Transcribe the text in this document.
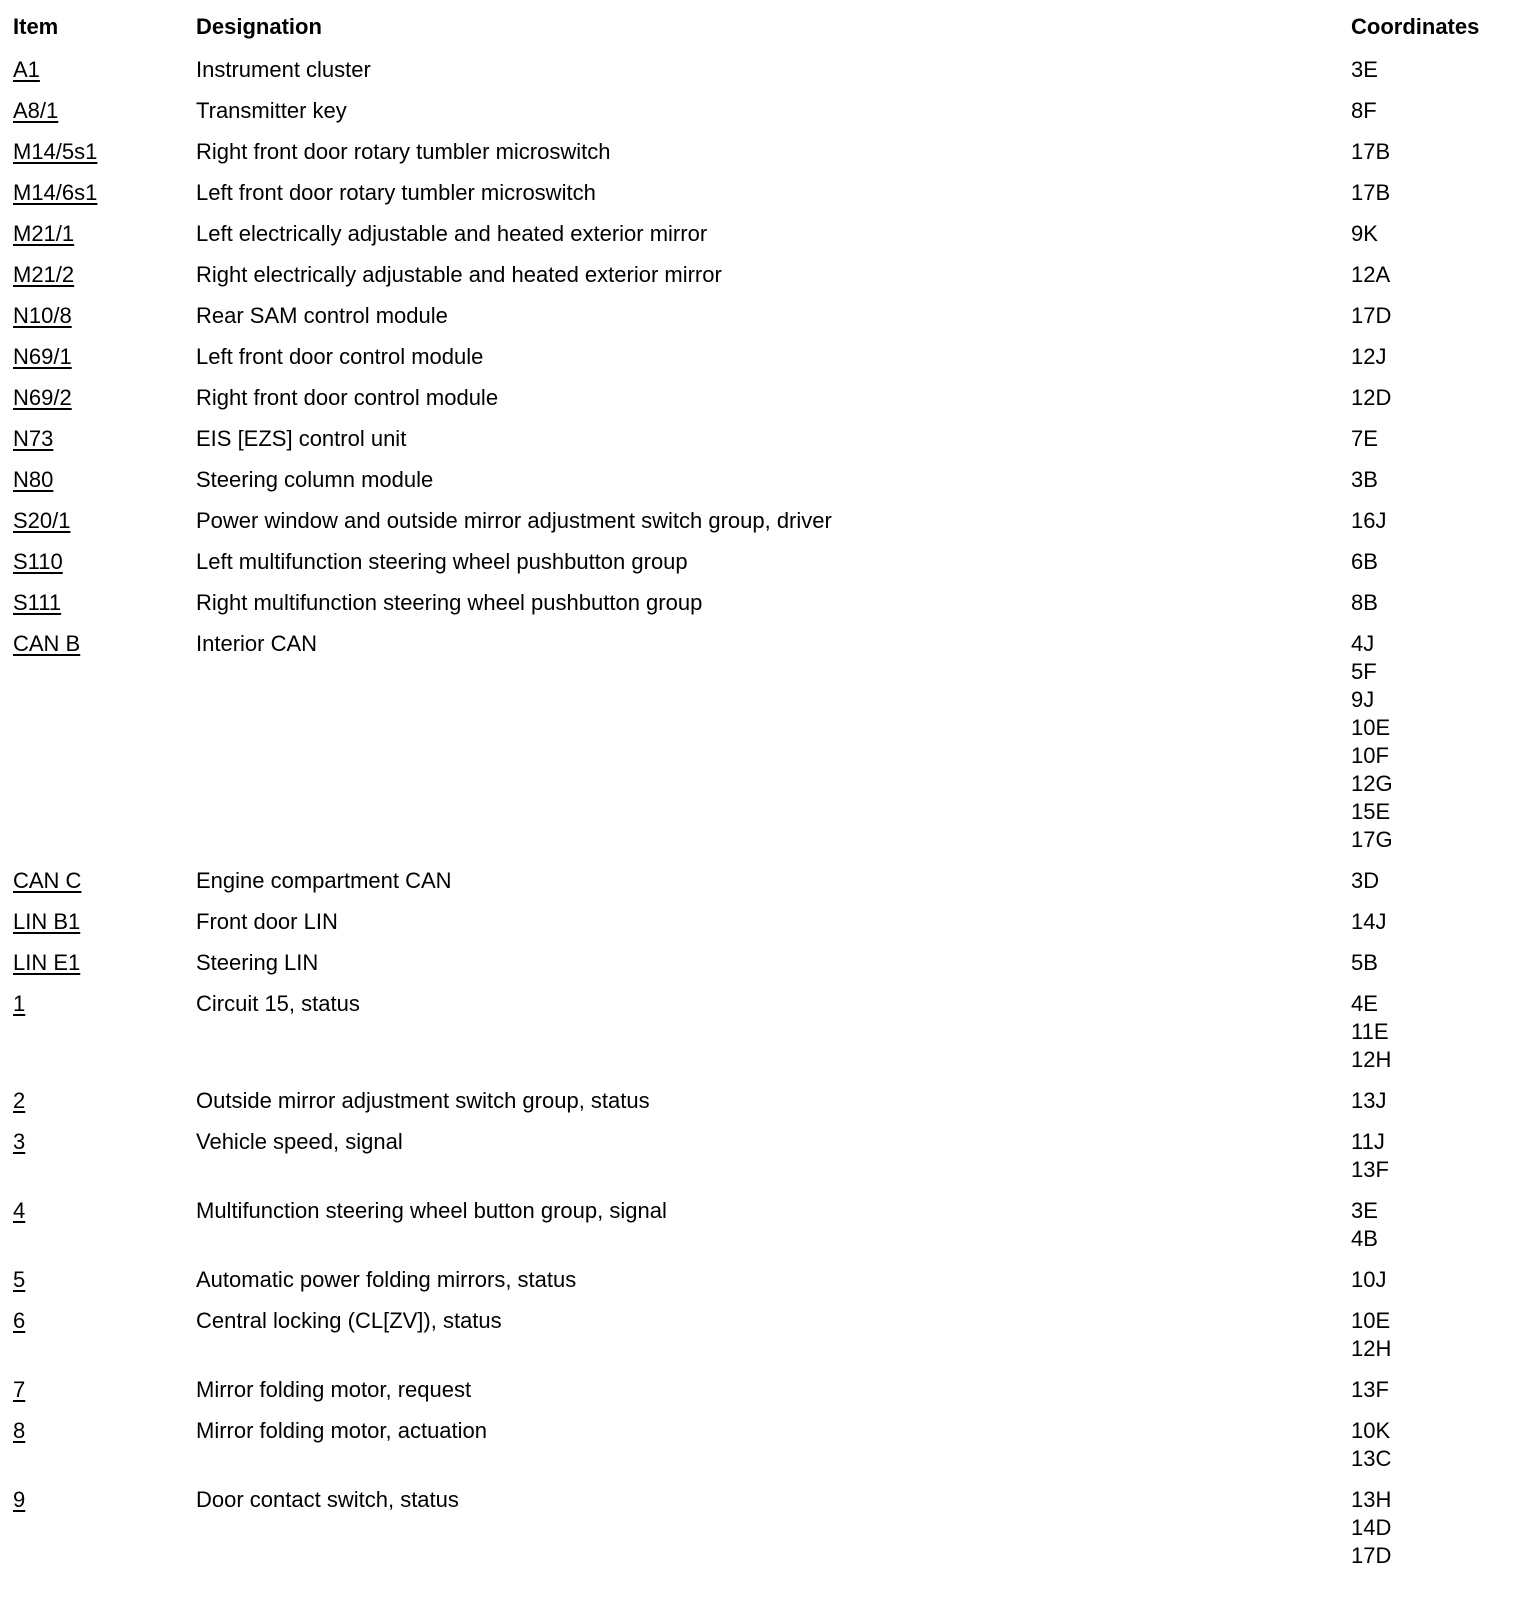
Item	Designation	Coordinates
A1	Instrument cluster	3E
A8/1	Transmitter key	8F
M14/5s1	Right front door rotary tumbler microswitch	17B
M14/6s1	Left front door rotary tumbler microswitch	17B
M21/1	Left electrically adjustable and heated exterior mirror	9K
M21/2	Right electrically adjustable and heated exterior mirror	12A
N10/8	Rear SAM control module	17D
N69/1	Left front door control module	12J
N69/2	Right front door control module	12D
N73	EIS [EZS] control unit	7E
N80	Steering column module	3B
S20/1	Power window and outside mirror adjustment switch group, driver	16J
S110	Left multifunction steering wheel pushbutton group	6B
S111	Right multifunction steering wheel pushbutton group	8B
CAN B	Interior CAN	4J
5F
9J
10E
10F
12G
15E
17G
CAN C	Engine compartment CAN	3D
LIN B1	Front door LIN	14J
LIN E1	Steering LIN	5B
1	Circuit 15, status	4E
11E
12H
2	Outside mirror adjustment switch group, status	13J
3	Vehicle speed, signal	11J
13F
4	Multifunction steering wheel button group, signal	3E
4B
5	Automatic power folding mirrors, status	10J
6	Central locking (CL[ZV]), status	10E
12H
7	Mirror folding motor, request	13F
8	Mirror folding motor, actuation	10K
13C
9	Door contact switch, status	13H
14D
17D
